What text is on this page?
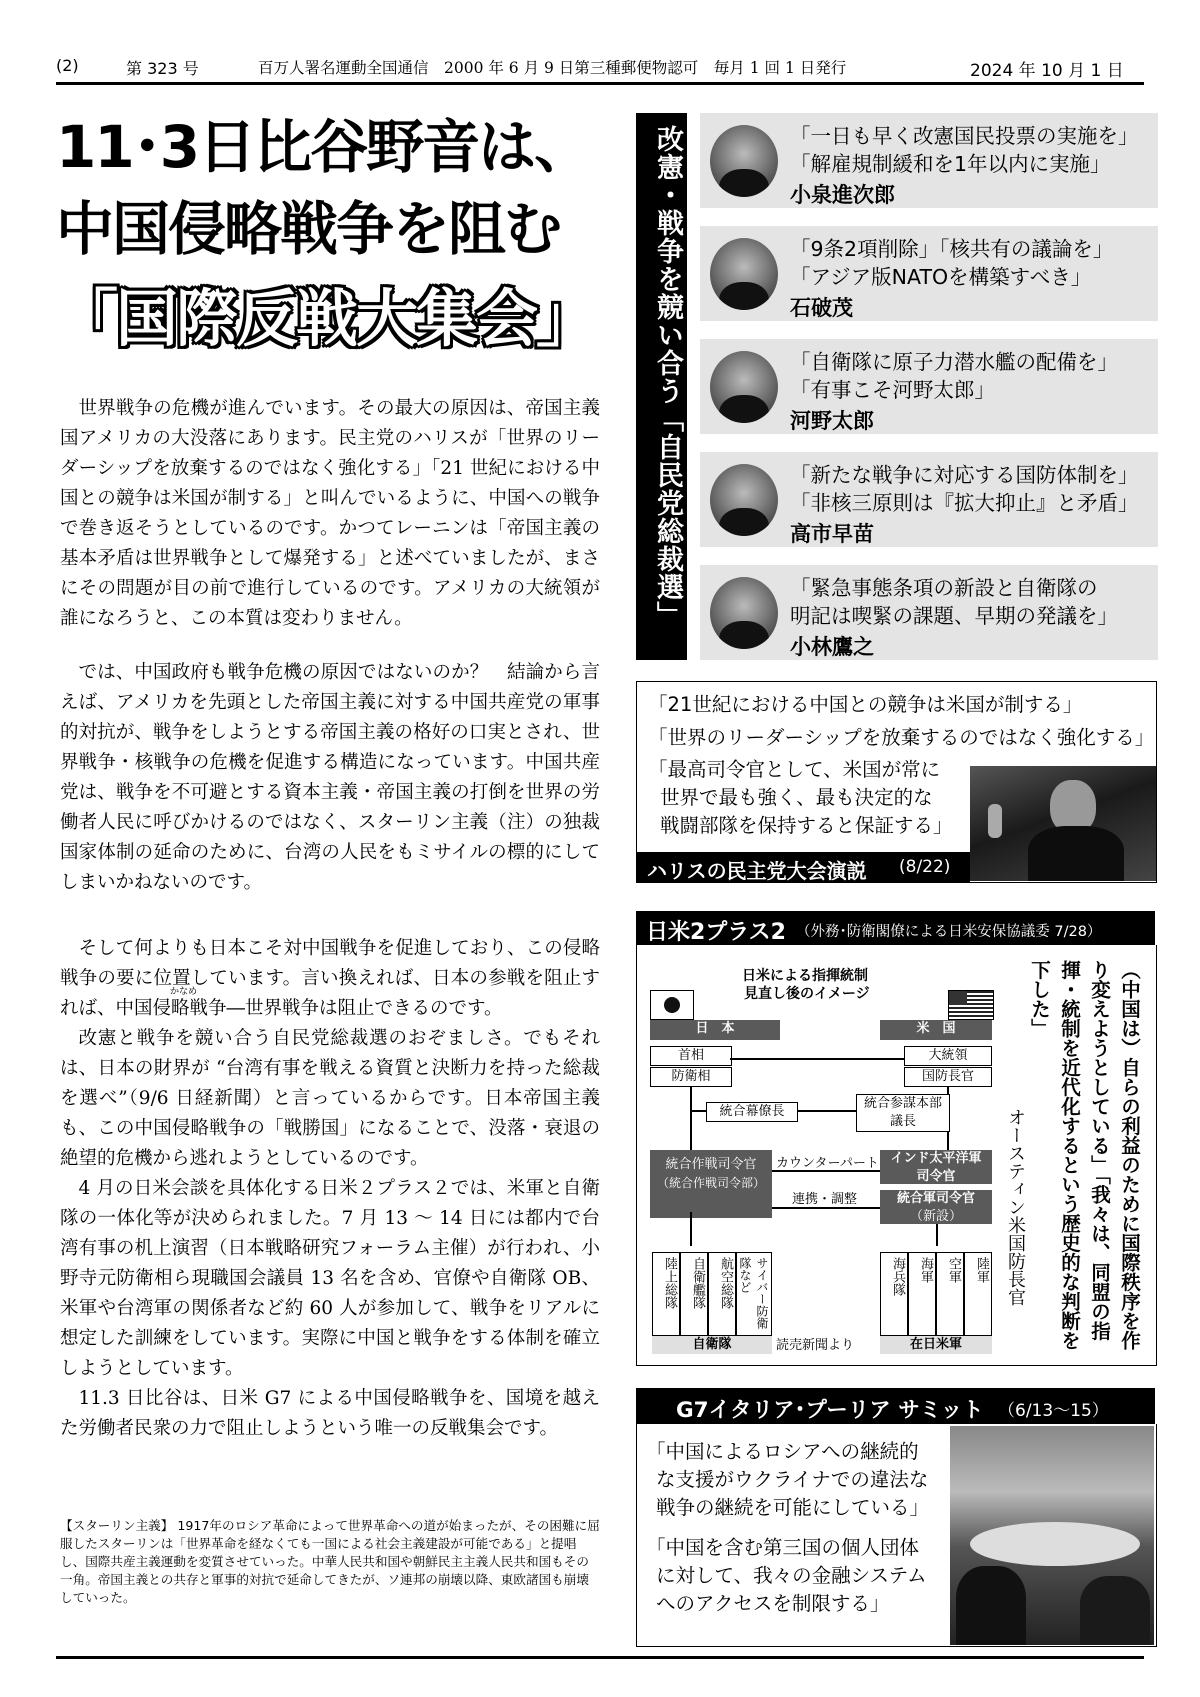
(2)	第 323 号	百万人署名運動全国通信　2000 年 6 月 9 日第三種郵便物認可　毎月 1 回 1 日発行	2024 年 10 月 1 日
11･3日比谷野音は、
中国侵略戦争を阻む
「国際反戦大集会」

世界戦争の危機が進んでいます。その最大の原因は、帝国主義国アメリカの大没落にあります。民主党のハリスが「世界のリーダーシップを放棄するのではなく強化する」「21 世紀における中国との競争は米国が制する」と叫んでいるように、中国への戦争で巻き返そうとしているのです。かつてレーニンは「帝国主義の基本矛盾は世界戦争として爆発する」と述べていましたが、まさにその問題が目の前で進行しているのです。アメリカの大統領が誰になろうと、この本質は変わりません。

では、中国政府も戦争危機の原因ではないのか？　結論から言えば、アメリカを先頭とした帝国主義に対する中国共産党の軍事的対抗が、戦争をしようとする帝国主義の格好の口実とされ、世界戦争・核戦争の危機を促進する構造になっています。中国共産党は、戦争を不可避とする資本主義・帝国主義の打倒を世界の労働者人民に呼びかけるのではなく、スターリン主義（注）の独裁国家体制の延命のために、台湾の人民をもミサイルの標的にしてしまいかねないのです。

そして何よりも日本こそ対中国戦争を促進しており、この侵略戦争の要に位置しています。言い換えれば、日本の参戦を阻止すれば、中国侵略戦争―世界戦争は阻止できるのです。

改憲と戦争を競い合う自民党総裁選のおぞましさ。でもそれは、日本の財界が “台湾有事を戦える資質と決断力を持った総裁を選べ”（9/6 日経新聞）と言っているからです。日本帝国主義も、この中国侵略戦争の「戦勝国」になることで、没落・衰退の絶望的危機から逃れようとしているのです。

4 月の日米会談を具体化する日米２プラス２では、米軍と自衛隊の一体化等が決められました。7 月 13 ～ 14 日には都内で台湾有事の机上演習（日本戦略研究フォーラム主催）が行われ、小野寺元防衛相ら現職国会議員 13 名を含め、官僚や自衛隊 OB、米軍や台湾軍の関係者など約 60 人が参加して、戦争をリアルに想定した訓練をしています。実際に中国と戦争をする体制を確立しようとしています。

11.3 日比谷は、日米 G7 による中国侵略戦争を、国境を越えた労働者民衆の力で阻止しようという唯一の反戦集会です。

かなめ
【スターリン主義】 1917年のロシア革命によって世界革命への道が始まったが、その困難に屈服したスターリンは「世界革命を経なくても一国による社会主義建設が可能である」と提唱し、国際共産主義運動を変質させていった。中華人民共和国や朝鮮民主主義人民共和国もその一角。帝国主義との共存と軍事的対抗で延命してきたが、ソ連邦の崩壊以降、東欧諸国も崩壊していった。
改憲・戦争を競い合う「自民党総裁選」	「一日も早く改憲国民投票の実施を」
「解雇規制緩和を1年以内に実施」
小泉進次郎
「9条2項削除」「核共有の議論を」
「アジア版NATOを構築すべき」
石破茂
「自衛隊に原子力潜水艦の配備を」
「有事こそ河野太郎」
河野太郎
「新たな戦争に対応する国防体制を」
「非核三原則は『拡大抑止』と矛盾」
高市早苗
「緊急事態条項の新設と自衛隊の
明記は喫緊の課題、早期の発議を」
小林鷹之
「21世紀における中国との競争は米国が制する」
「世界のリーダーシップを放棄するのではなく強化する」
「最高司令官として、米国が常に
世界で最も強く、最も決定的な
戦闘部隊を保持すると保証する」
ハリスの民主党大会演説 (8/22)
日米2プラス2 （外務･防衛閣僚による日米安保協議委 7/28）
日米による指揮統制
見直し後のイメージ
日　本	米　国
首相
防衛相
大統領
国防長官
統合幕僚長
統合参謀本部
議長
統合作戦司令官
（統合作戦司令部）
インド太平洋軍
司令官
カウンターパート
統合軍司令官
（新設）
連携・調整
陸上総隊	自衛艦隊	航空総隊	サイバー防衛隊など
自衛隊	読売新聞より
海兵隊	海軍	空軍	陸軍
在日米軍	（中国は）自らの利益のために国際秩序を作り変えようとしている」「我々は、同盟の指揮・統制を近代化するという歴史的な判断を下した」
オースティン米国防長官
G7イタリア･プーリア サミット （6/13～15）
「中国によるロシアへの継続的
な支援がウクライナでの違法な
戦争の継続を可能にしている」
「中国を含む第三国の個人団体
に対して、我々の金融システム
へのアクセスを制限する」
